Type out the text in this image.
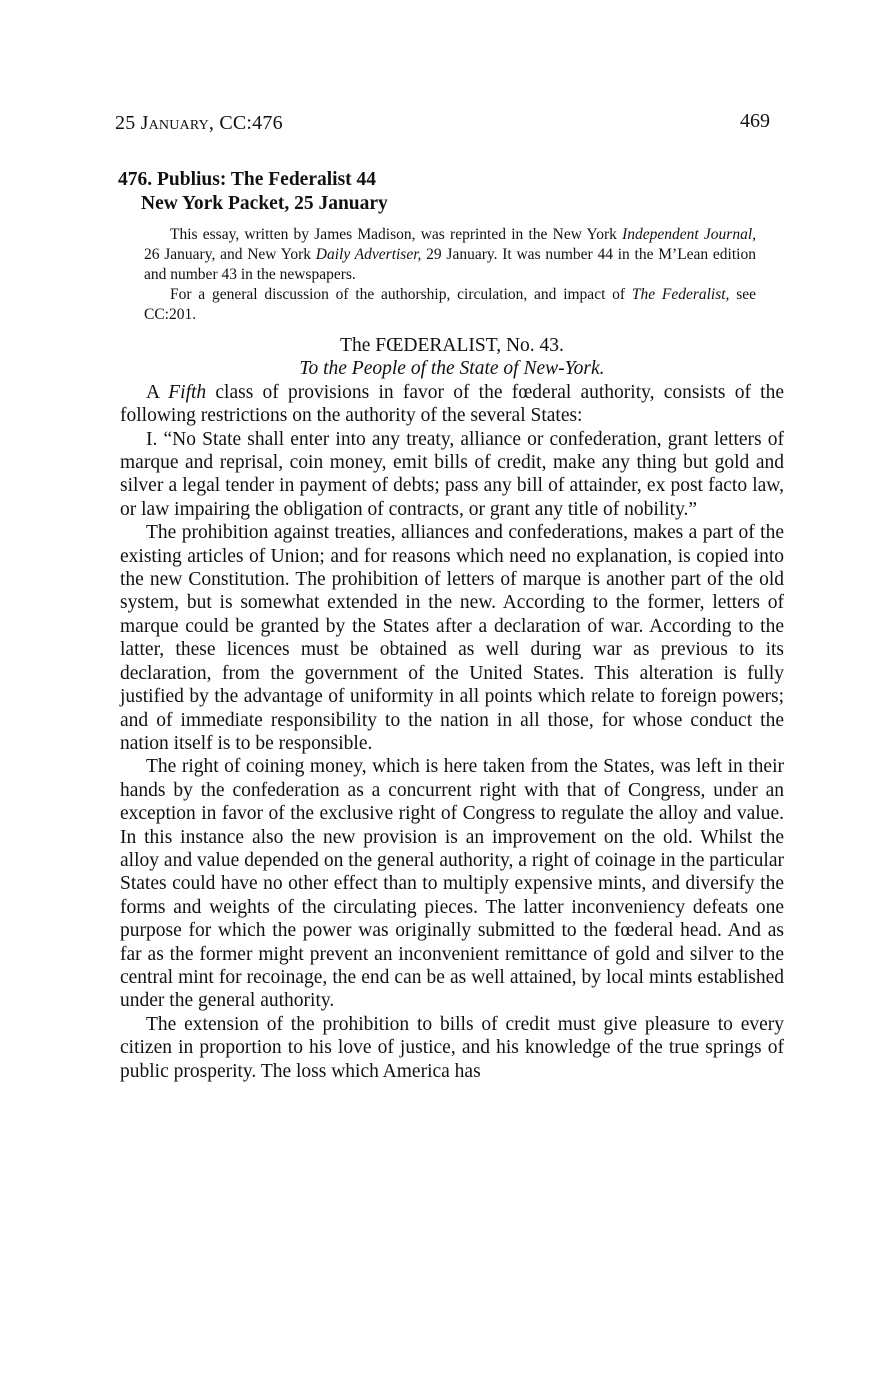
25 January, CC:476	469
476. Publius: The Federalist 44
New York Packet, 25 January

This essay, written by James Madison, was reprinted in the New York Independent Journal, 26 January, and New York Daily Advertiser, 29 January. It was number 44 in the M’Lean edition and number 43 in the newspapers.

For a general discussion of the authorship, circulation, and impact of The Federalist, see CC:201.

The FŒDERALIST, No. 43.

To the People of the State of New-York.

A Fifth class of provisions in favor of the fœderal authority, consists of the following restrictions on the authority of the several States:

I. “No State shall enter into any treaty, alliance or confederation, grant letters of marque and reprisal, coin money, emit bills of credit, make any thing but gold and silver a legal tender in payment of debts; pass any bill of attainder, ex post facto law, or law impairing the obligation of contracts, or grant any title of nobility.”

The prohibition against treaties, alliances and confederations, makes a part of the existing articles of Union; and for reasons which need no explanation, is copied into the new Constitution. The prohibition of letters of marque is another part of the old system, but is somewhat extended in the new. According to the former, letters of marque could be granted by the States after a declaration of war. According to the latter, these licences must be obtained as well during war as previous to its declaration, from the government of the United States. This alteration is fully justified by the advantage of uniformity in all points which relate to foreign powers; and of immediate responsibility to the nation in all those, for whose conduct the nation itself is to be responsible.

The right of coining money, which is here taken from the States, was left in their hands by the confederation as a concurrent right with that of Congress, under an exception in favor of the exclusive right of Congress to regulate the alloy and value. In this instance also the new provision is an improvement on the old. Whilst the alloy and value depended on the general authority, a right of coinage in the particular States could have no other effect than to multiply expensive mints, and diversify the forms and weights of the circulating pieces. The latter inconveniency defeats one purpose for which the power was originally submitted to the fœderal head. And as far as the former might prevent an inconvenient remittance of gold and silver to the central mint for recoinage, the end can be as well attained, by local mints established under the general authority.

The extension of the prohibition to bills of credit must give pleasure to every citizen in proportion to his love of justice, and his knowledge of the true springs of public prosperity. The loss which America has
